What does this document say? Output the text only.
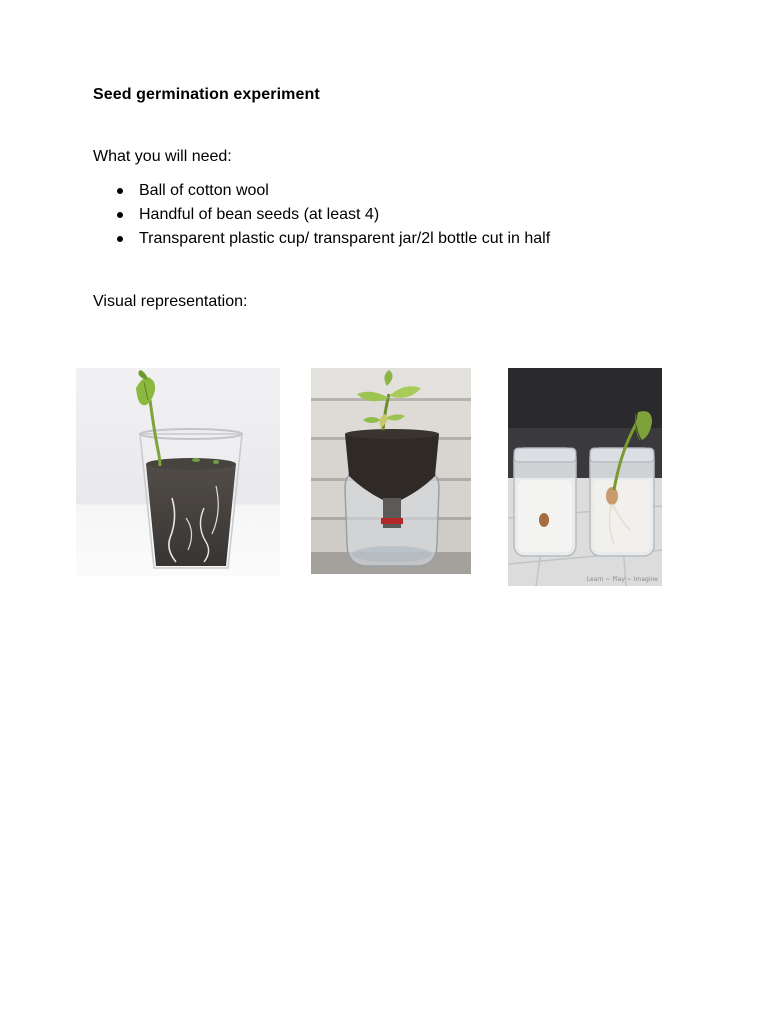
Seed germination experiment
What you will need:
Ball of cotton wool
Handful of bean seeds (at least 4)
Transparent plastic cup/ transparent jar/2l bottle cut in half
Visual representation:
Learn ~ Play ~ Imagine
